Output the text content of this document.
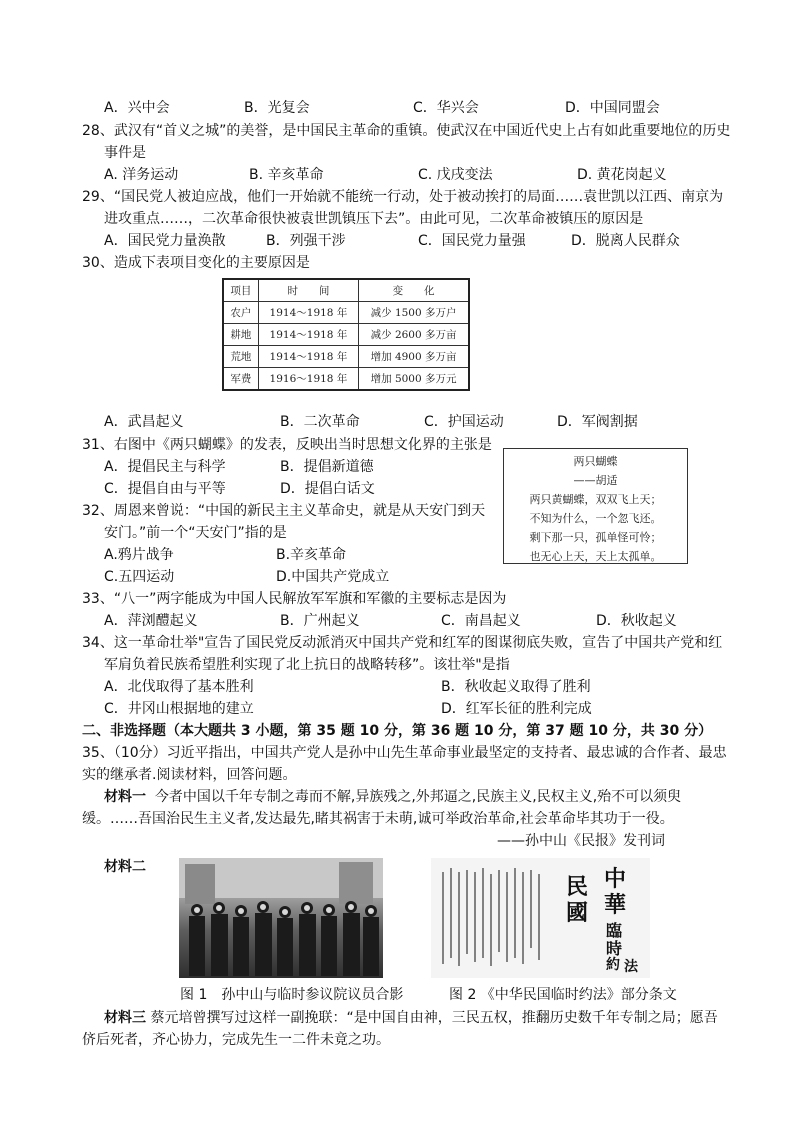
A．兴中会	B．光复会	C．华兴会	D．中国同盟会
28、武汉有“首义之城”的美誉，是中国民主革命的重镇。使武汉在中国近代史上占有如此重要地位的历史
事件是
A. 洋务运动	B. 辛亥革命	C. 戊戌变法	D. 黄花岗起义
29、“国民党人被迫应战，他们一开始就不能统一行动，处于被动挨打的局面……袁世凯以江西、南京为
进攻重点……，二次革命很快被袁世凯镇压下去”。由此可见，二次革命被镇压的原因是
A．国民党力量涣散	B．列强干涉	C．国民党力量强	D．脱离人民群众
30、造成下表项目变化的主要原因是
项目	时　　间	变　　化
农户	1914～1918 年	减少 1500 多万户
耕地	1914～1918 年	减少 2600 多万亩
荒地	1914～1918 年	增加 4900 多万亩
军费	1916～1918 年	增加 5000 多万元
A．武昌起义	B．二次革命	C．护国运动	D．军阀割据
31、右图中《两只蝴蝶》的发表，反映出当时思想文化界的主张是
A．提倡民主与科学	B．提倡新道德
C．提倡自由与平等	D．提倡白话文
两只蝴蝶
——胡适
两只黄蝴蝶，双双飞上天；
不知为什么，一个忽飞还。
剩下那一只，孤单怪可怜；
也无心上天，天上太孤单。
32、周恩来曾说：“中国的新民主主义革命史，就是从天安门到天
安门。”前一个“天安门”指的是
A.鸦片战争	B.辛亥革命
C.五四运动	D.中国共产党成立
33、“八一”两字能成为中国人民解放军军旗和军徽的主要标志是因为
A．萍浏醴起义	B．广州起义	C．南昌起义	D．秋收起义
34、这一革命壮举"宣告了国民党反动派消灭中国共产党和红军的图谋彻底失败，宣告了中国共产党和红
军肩负着民族希望胜利实现了北上抗日的战略转移”。该壮举"是指
A．北伐取得了基本胜利	B．秋收起义取得了胜利
C．井冈山根据地的建立	D．红军长征的胜利完成
二、非选择题（本大题共 3 小题，第 35 题 10 分，第 36 题 10 分，第 37 题 10 分，共 30 分）
35、（10分）习近平指出，中国共产党人是孙中山先生革命事业最坚定的支持者、最忠诚的合作者、最忠
实的继承者.阅读材料，回答问题。
材料一 今者中国以千年专制之毒而不解,异族残之,外邦逼之,民族主义,民权主义,殆不可以须臾
缓。……吾国治民生主义者,发达最先,睹其祸害于未萌,诚可举政治革命,社会革命毕其功于一役。
——孙中山《民报》发刊词
材料二	中
華
民
國
臨
時
約 法
图 1　孙中山与临时参议院议员合影	图 2 《中华民国临时约法》部分条文
材料三 蔡元培曾撰写过这样一副挽联：“是中国自由神，三民五权，推翻历史数千年专制之局；愿吾
侪后死者，齐心协力，完成先生一二件未竟之功。
